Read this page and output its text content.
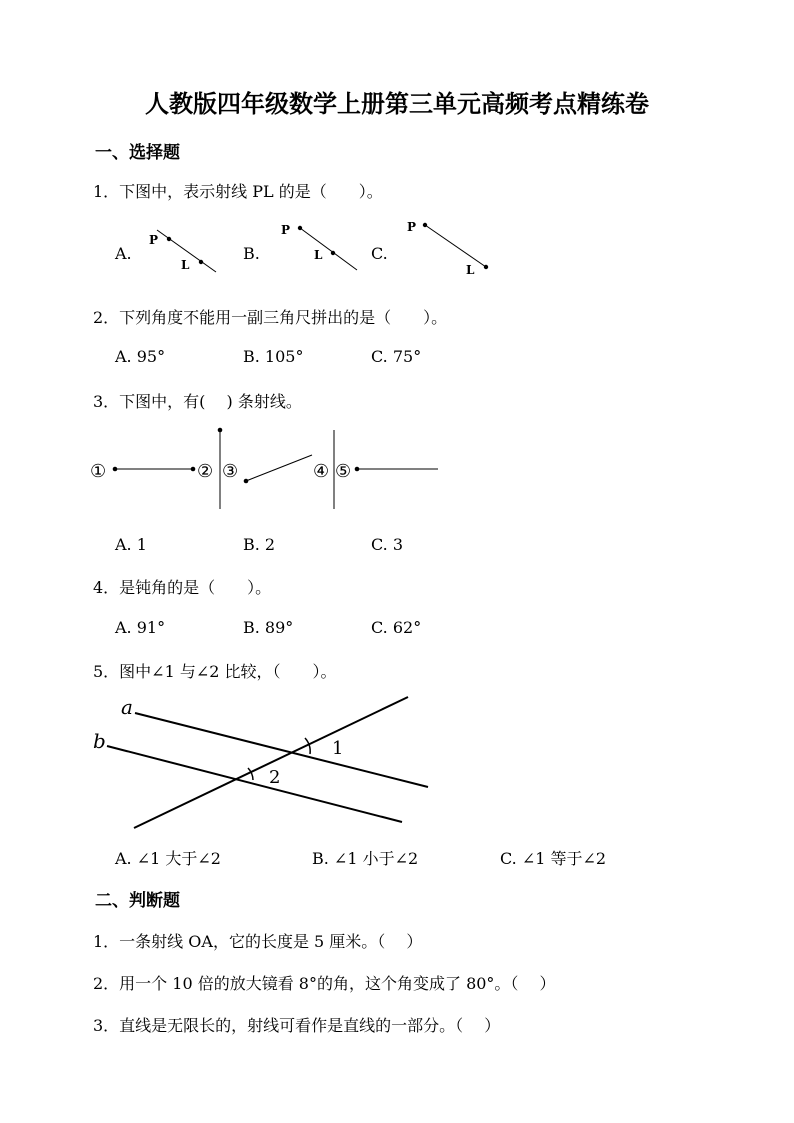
人教版四年级数学上册第三单元高频考点精练卷
一、选择题
1．下图中，表示射线 PL 的是（　　）。
A.	B.	C.
P
L
P
L
P
L
2．下列角度不能用一副三角尺拼出的是（　　）。
A. 95°	B. 105°	C. 75°
3．下图中，有(　 ) 条射线。
①	② ③	④ ⑤
A. 1	B. 2	C. 3
4．是钝角的是（　　）。
A. 91°	B. 89°	C. 62°
5．图中∠1 与∠2 比较，（　　）。
a
b	1
2
A. ∠1 大于∠2	B. ∠1 小于∠2	C. ∠1 等于∠2
二、判断题
1．一条射线 OA，它的长度是 5 厘米。（　 ）
2．用一个 10 倍的放大镜看 8°的角，这个角变成了 80°。（　 ）
3．直线是无限长的，射线可看作是直线的一部分。（　 ）
